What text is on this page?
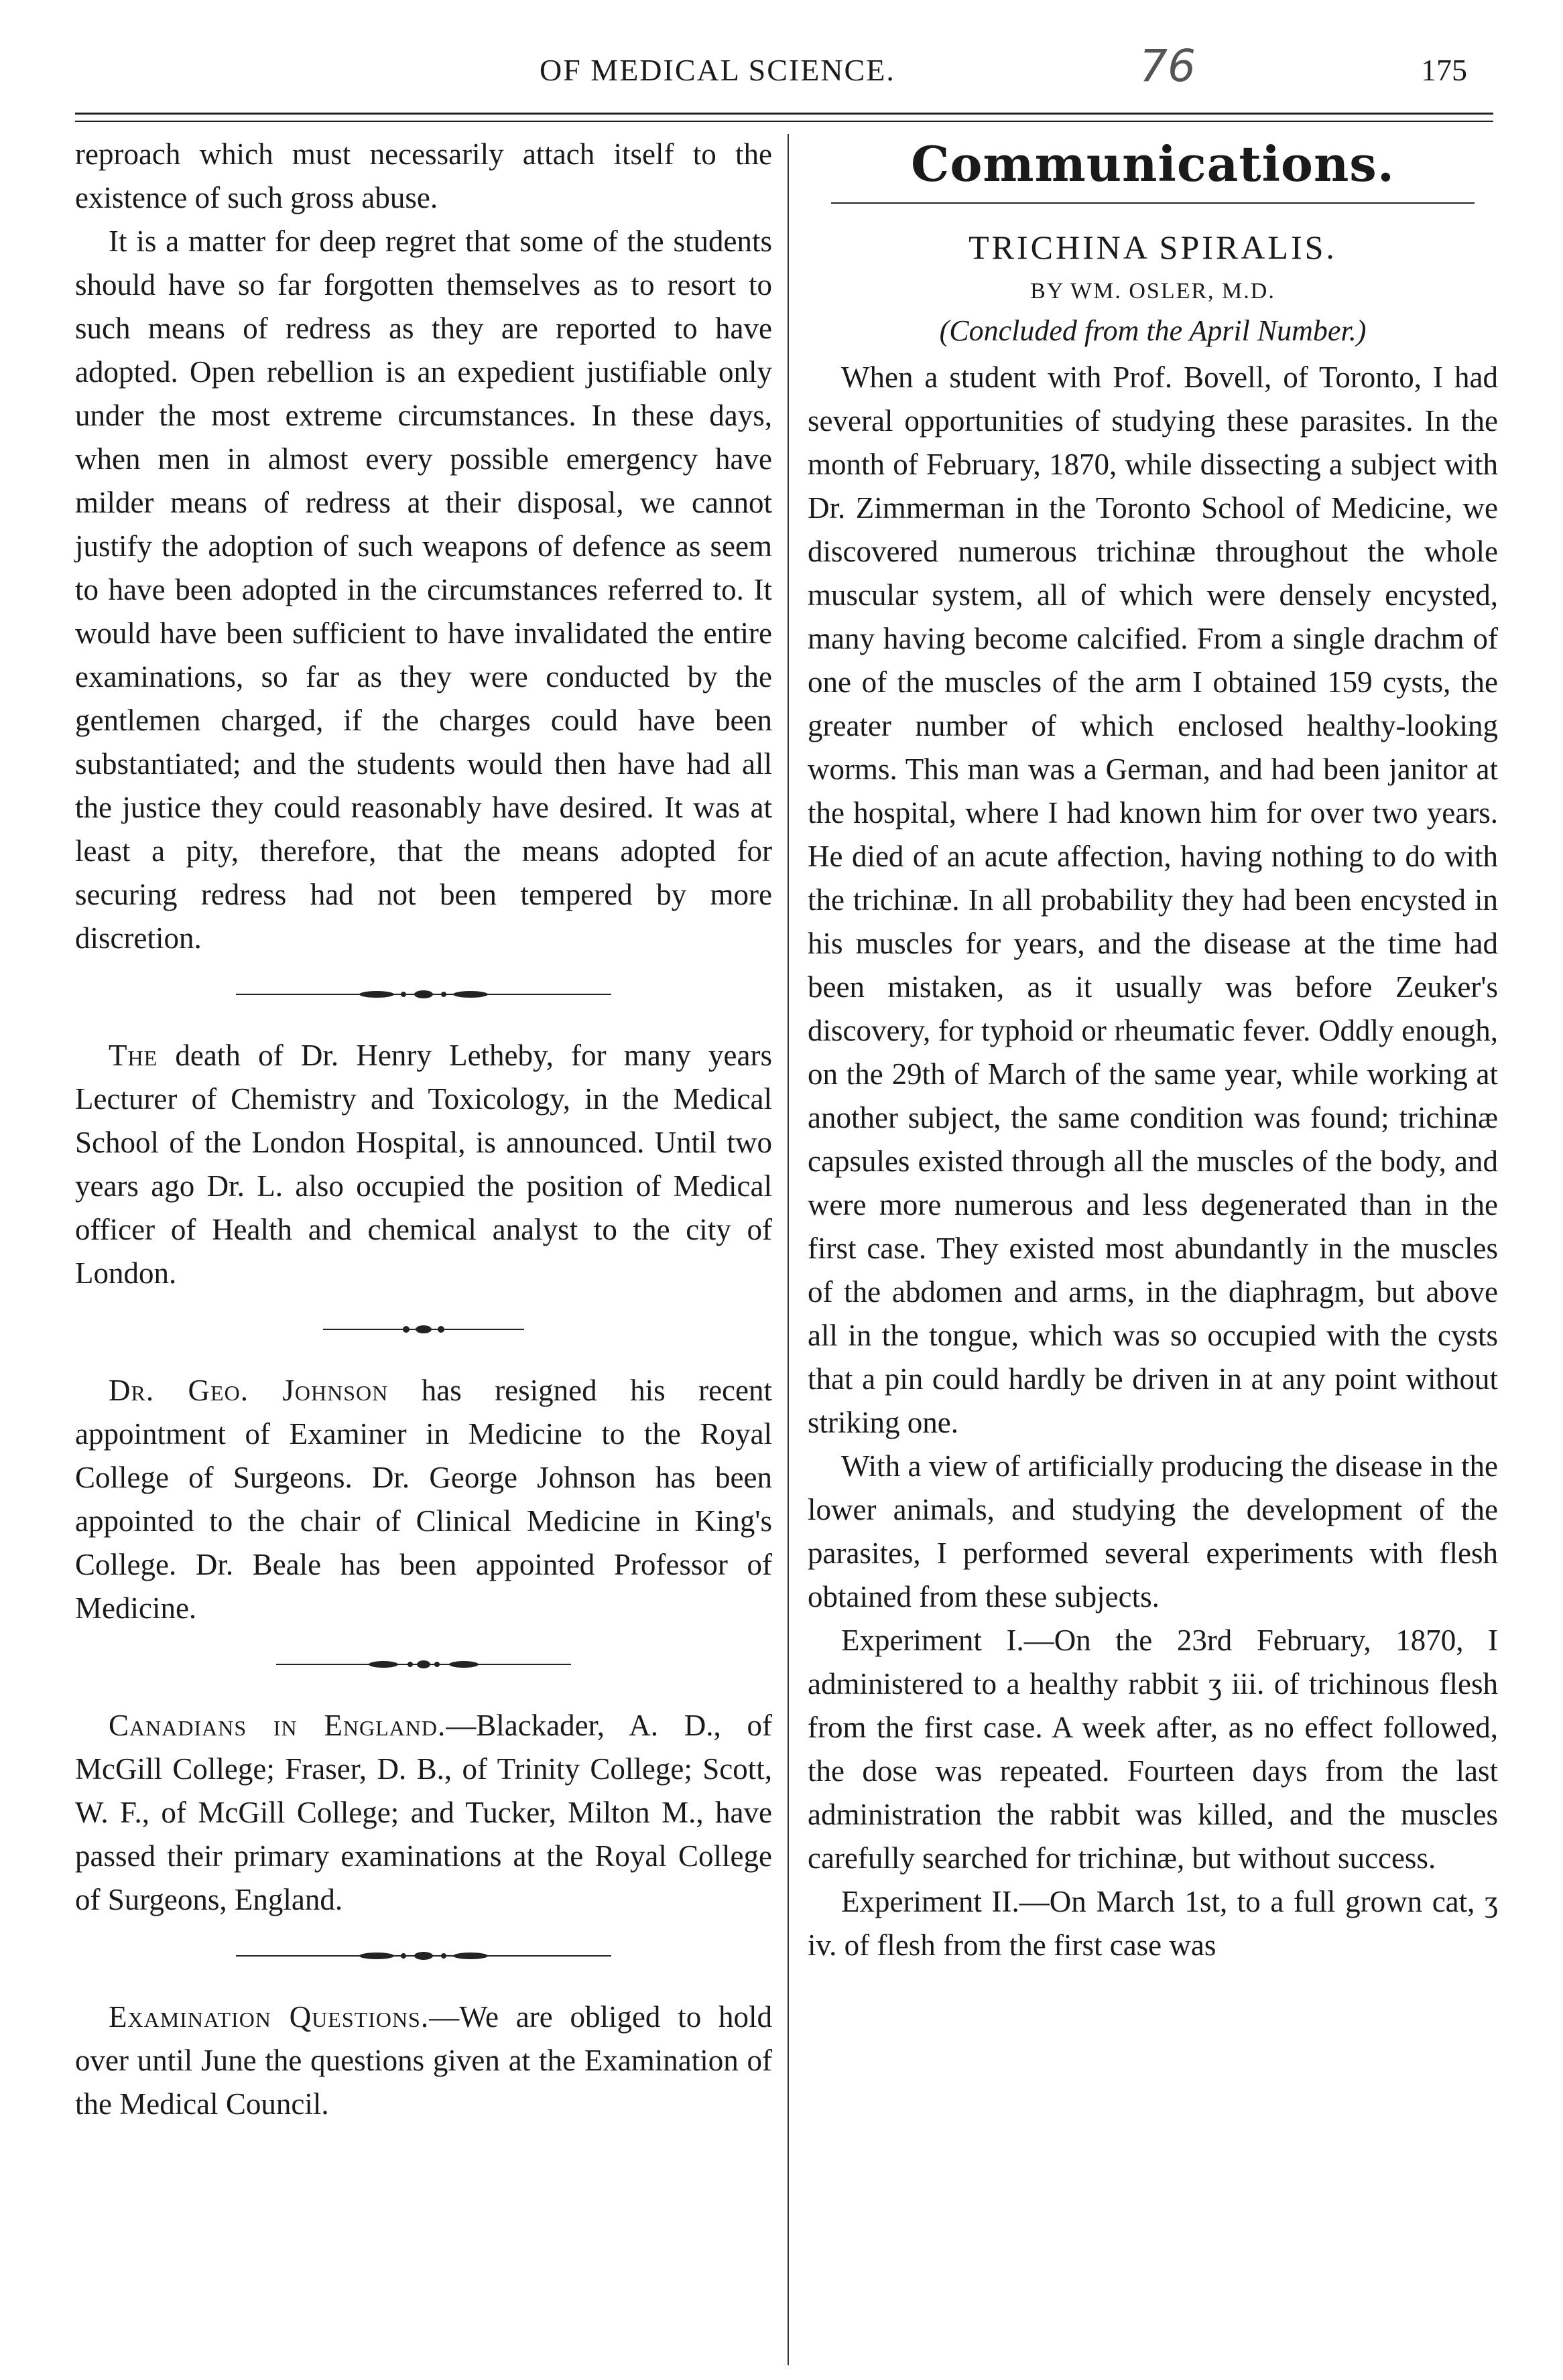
OF MEDICAL SCIENCE.	76	175

reproach which must necessarily attach itself to the existence of such gross abuse.

It is a matter for deep regret that some of the students should have so far forgotten themselves as to resort to such means of redress as they are reported to have adopted. Open rebellion is an expedient justifiable only under the most extreme circumstances. In these days, when men in almost every possible emergency have milder means of redress at their disposal, we cannot justify the adoption of such weapons of defence as seem to have been adopted in the circumstances referred to. It would have been sufficient to have invalidated the entire examinations, so far as they were conducted by the gentlemen charged, if the charges could have been substantiated; and the students would then have had all the justice they could reasonably have desired. It was at least a pity, therefore, that the means adopted for securing redress had not been tempered by more discretion.

The death of Dr. Henry Letheby, for many years Lecturer of Chemistry and Toxicology, in the Medical School of the London Hospital, is announced. Until two years ago Dr. L. also occupied the position of Medical officer of Health and chemical analyst to the city of London.

Dr. Geo. Johnson has resigned his recent appointment of Examiner in Medicine to the Royal College of Surgeons. Dr. George Johnson has been appointed to the chair of Clinical Medicine in King's College. Dr. Beale has been appointed Professor of Medicine.

Canadians in England.—Blackader, A. D., of McGill College; Fraser, D. B., of Trinity College; Scott, W. F., of McGill College; and Tucker, Milton M., have passed their primary examinations at the Royal College of Surgeons, England.

Examination Questions.—We are obliged to hold over until June the questions given at the Examination of the Medical Council.

Communications.
TRICHINA SPIRALIS.
BY WM. OSLER, M.D.
(Concluded from the April Number.)

When a student with Prof. Bovell, of Toronto, I had several opportunities of studying these parasites. In the month of February, 1870, while dissecting a subject with Dr. Zimmerman in the Toronto School of Medicine, we discovered numerous trichinæ throughout the whole muscular system, all of which were densely encysted, many having become calcified. From a single drachm of one of the muscles of the arm I obtained 159 cysts, the greater number of which enclosed healthy-looking worms. This man was a German, and had been janitor at the hospital, where I had known him for over two years. He died of an acute affection, having nothing to do with the trichinæ. In all probability they had been encysted in his muscles for years, and the disease at the time had been mistaken, as it usually was before Zeuker's discovery, for typhoid or rheumatic fever. Oddly enough, on the 29th of March of the same year, while working at another subject, the same condition was found; trichinæ capsules existed through all the muscles of the body, and were more numerous and less degenerated than in the first case. They existed most abundantly in the muscles of the abdomen and arms, in the diaphragm, but above all in the tongue, which was so occupied with the cysts that a pin could hardly be driven in at any point without striking one.

With a view of artificially producing the disease in the lower animals, and studying the development of the parasites, I performed several experiments with flesh obtained from these subjects.

Experiment I.—On the 23rd February, 1870, I administered to a healthy rabbit ʒ iii. of trichinous flesh from the first case. A week after, as no effect followed, the dose was repeated. Fourteen days from the last administration the rabbit was killed, and the muscles carefully searched for trichinæ, but without success.

Experiment II.—On March 1st, to a full grown cat, ʒ iv. of flesh from the first case was
